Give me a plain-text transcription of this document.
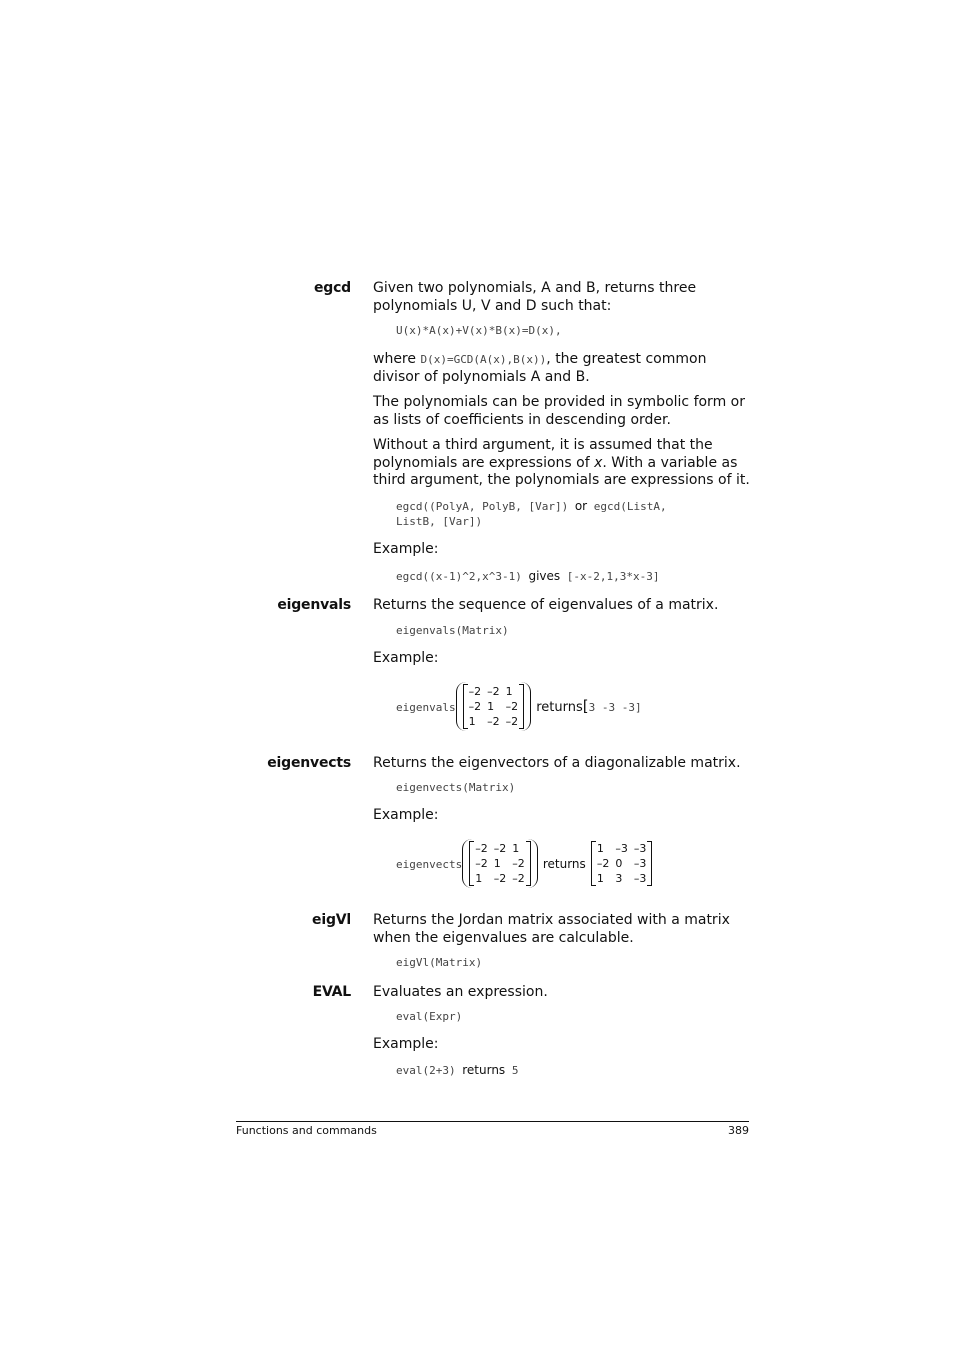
egcd Given two polynomials, A and B, returns three polynomials U, V and D such that:
U(x)*A(x)+V(x)*B(x)=D(x),
where D(x)=GCD(A(x),B(x)), the greatest common divisor of polynomials A and B.
The polynomials can be provided in symbolic form or as lists of coefficients in descending order.
Without a third argument, it is assumed that the polynomials are expressions of x. With a variable as third argument, the polynomials are expressions of it.
egcd((PolyA, PolyB, [Var]) or egcd(ListA,
ListB, [Var])
Example:
egcd((x-1)^2,x^3-1) gives [-x-2,1,3*x-3]
eigenvals Returns the sequence of eigenvalues of a matrix.
eigenvals(Matrix)
Example:
eigenvals
–2	–2	1
–2	1	–2
1	–2	–2
returns[3 -3 -3]
eigenvects Returns the eigenvectors of a diagonalizable matrix.
eigenvects(Matrix)
Example:
eigenvects
–2	–2	1
–2	1	–2
1	–2	–2
returns
1	–3	–3
–2	0	–3
1	3	–3
eigVl Returns the Jordan matrix associated with a matrix when the eigenvalues are calculable.
eigVl(Matrix)
EVAL Evaluates an expression.
eval(Expr)
Example:
eval(2+3) returns 5
Functions and commands	389
